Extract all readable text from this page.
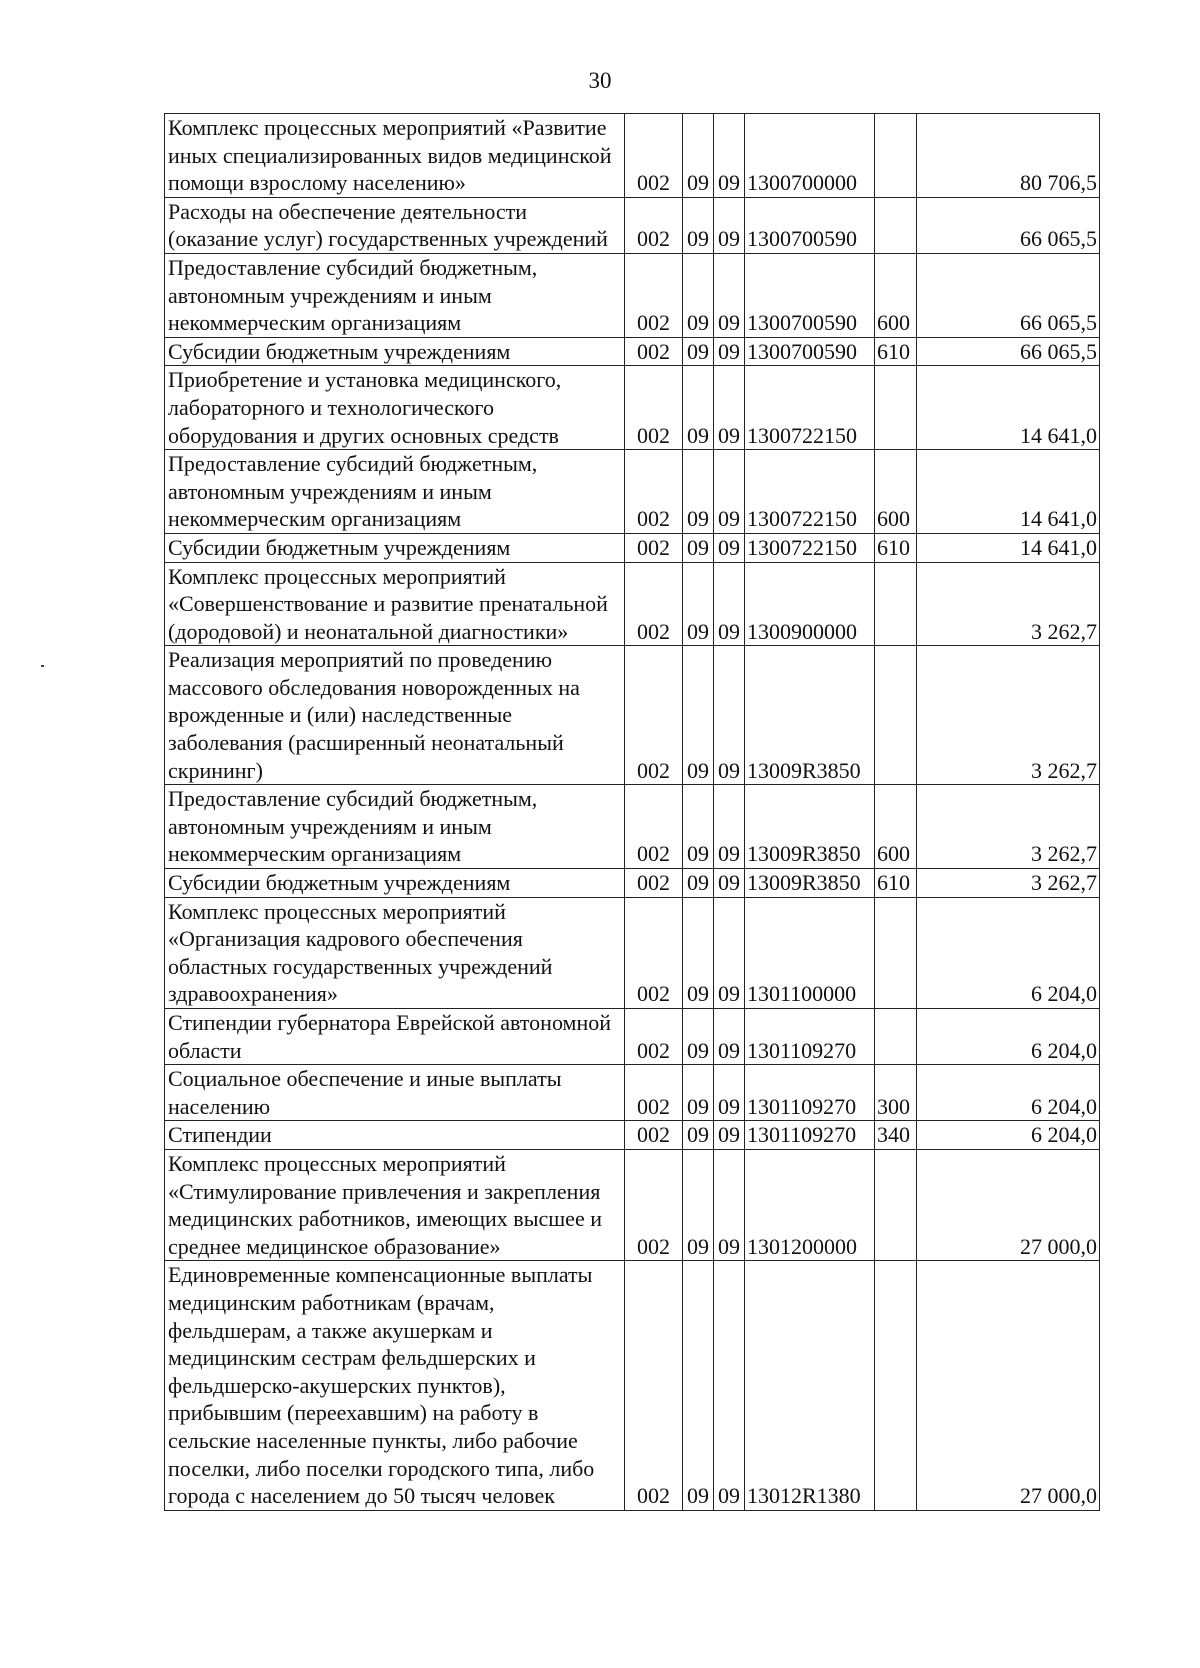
30
Комплекс процессных мероприятий «Развитие иных специализированных видов медицинской помощи взрослому населению»	002	09	09	1300700000		80 706,5
Расходы на обеспечение деятельности (оказание услуг) государственных учреждений	002	09	09	1300700590		66 065,5
Предоставление субсидий бюджетным, автономным учреждениям и иным некоммерческим организациям	002	09	09	1300700590	600	66 065,5
Субсидии бюджетным учреждениям	002	09	09	1300700590	610	66 065,5
Приобретение и установка медицинского, лабораторного и технологического оборудования и других основных средств	002	09	09	1300722150		14 641,0
Предоставление субсидий бюджетным, автономным учреждениям и иным некоммерческим организациям	002	09	09	1300722150	600	14 641,0
Субсидии бюджетным учреждениям	002	09	09	1300722150	610	14 641,0
Комплекс процессных мероприятий «Совершенствование и развитие пренатальной (дородовой) и неонатальной диагностики»	002	09	09	1300900000		3 262,7
Реализация мероприятий по проведению массового обследования новорожденных на врожденные и (или) наследственные заболевания (расширенный неонатальный скрининг)	002	09	09	13009R3850		3 262,7
Предоставление субсидий бюджетным, автономным учреждениям и иным некоммерческим организациям	002	09	09	13009R3850	600	3 262,7
Субсидии бюджетным учреждениям	002	09	09	13009R3850	610	3 262,7
Комплекс процессных мероприятий «Организация кадрового обеспечения областных государственных учреждений здравоохранения»	002	09	09	1301100000		6 204,0
Стипендии губернатора Еврейской автономной области	002	09	09	1301109270		6 204,0
Социальное обеспечение и иные выплаты населению	002	09	09	1301109270	300	6 204,0
Стипендии	002	09	09	1301109270	340	6 204,0
Комплекс процессных мероприятий «Стимулирование привлечения и закрепления медицинских работников, имеющих высшее и среднее медицинское образование»	002	09	09	1301200000		27 000,0
Единовременные компенсационные выплаты медицинским работникам (врачам, фельдшерам, а также акушеркам и медицинским сестрам фельдшерских и фельдшерско-акушерских пунктов), прибывшим (переехавшим) на работу в сельские населенные пункты, либо рабочие поселки, либо поселки городского типа, либо города с населением до 50 тысяч человек	002	09	09	13012R1380		27 000,0
